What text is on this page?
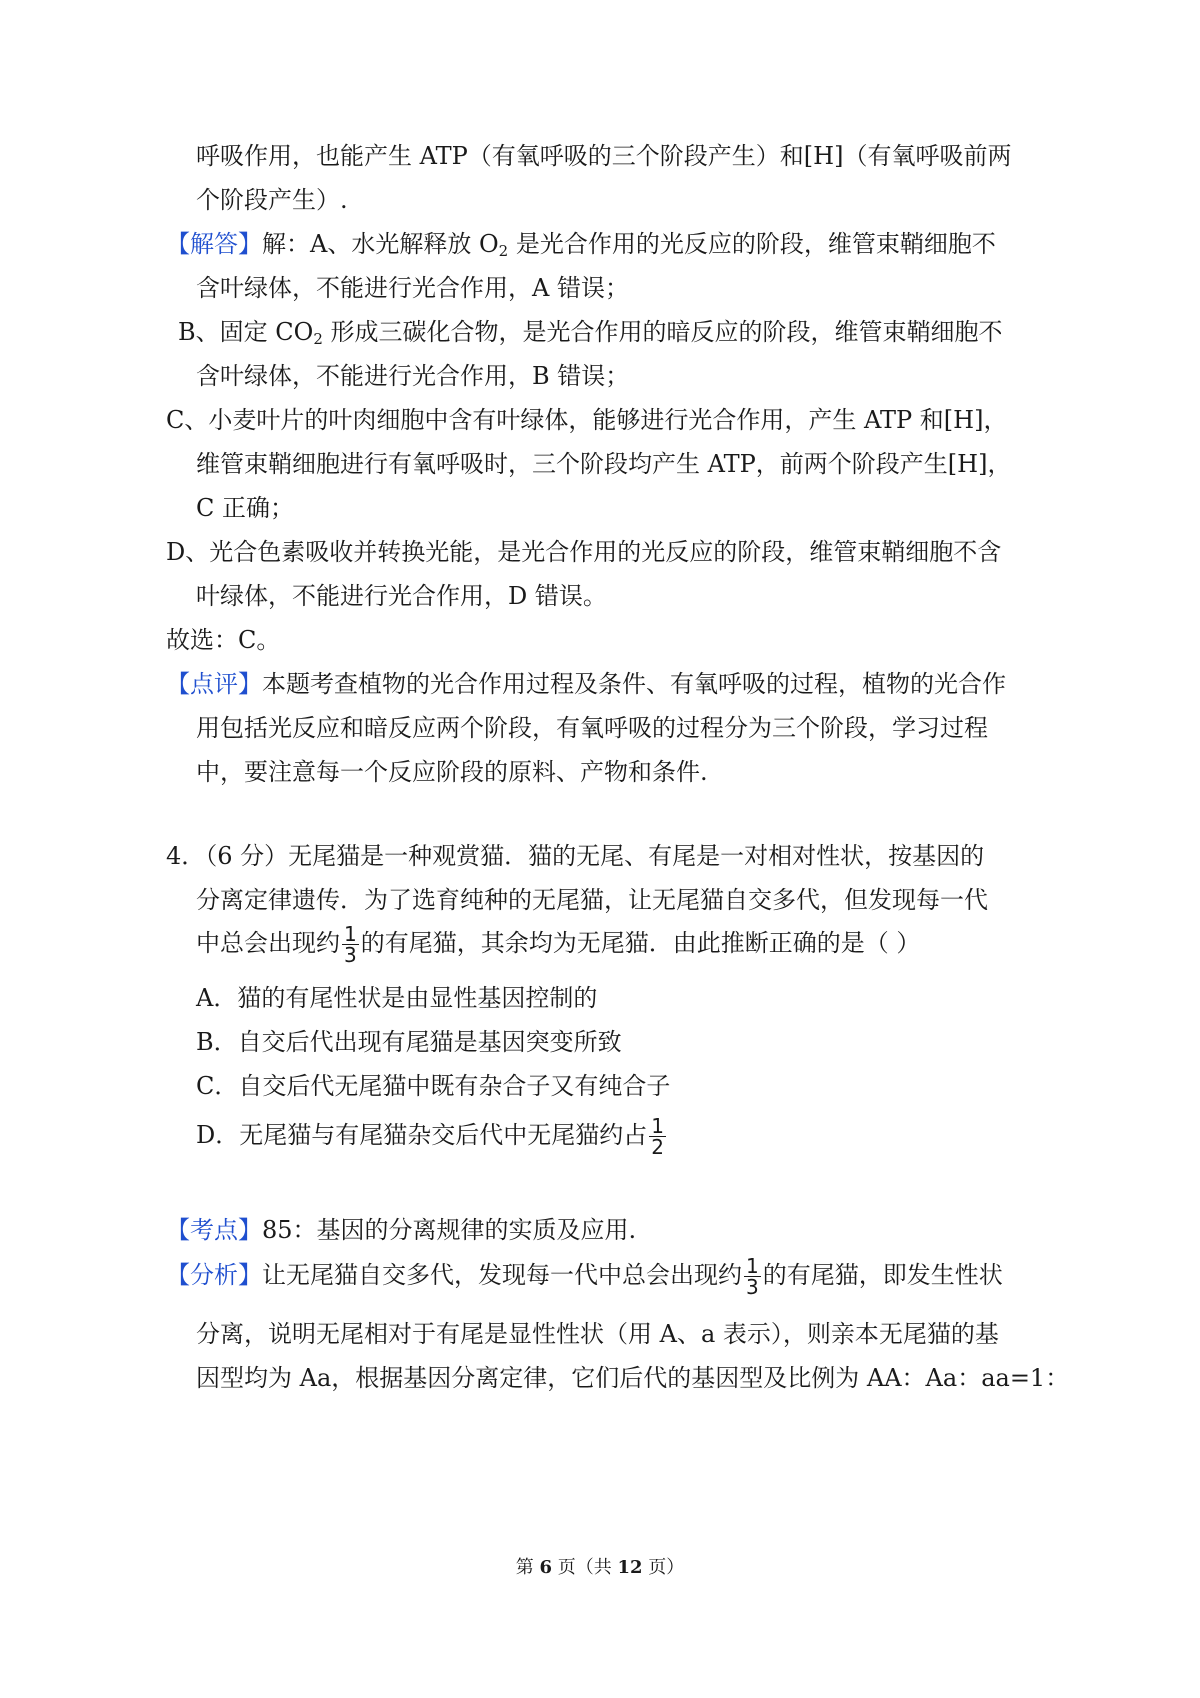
呼吸作用，也能产生 ATP（有氧呼吸的三个阶段产生）和[H]（有氧呼吸前两
个阶段产生）.
【解答】解：A、水光解释放 $O_2$ 是光合作用的光反应的阶段，维管束鞘细胞不
含叶绿体，不能进行光合作用，A 错误；
B、固定 $CO_2$ 形成三碳化合物，是光合作用的暗反应的阶段，维管束鞘细胞不
含叶绿体，不能进行光合作用，B 错误；
C、小麦叶片的叶肉细胞中含有叶绿体，能够进行光合作用，产生 ATP 和[H]，
维管束鞘细胞进行有氧呼吸时，三个阶段均产生 ATP，前两个阶段产生[H]，
C 正确；
D、光合色素吸收并转换光能，是光合作用的光反应的阶段，维管束鞘细胞不含
叶绿体，不能进行光合作用，D 错误。
故选：C。
【点评】本题考查植物的光合作用过程及条件、有氧呼吸的过程，植物的光合作
用包括光反应和暗反应两个阶段，有氧呼吸的过程分为三个阶段，学习过程
中，要注意每一个反应阶段的原料、产物和条件.
4．（6 分）无尾猫是一种观赏猫．猫的无尾、有尾是一对相对性状，按基因的
分离定律遗传．为了选育纯种的无尾猫，让无尾猫自交多代，但发现每一代
中总会出现约 $\frac{1}{3}$ 的有尾猫，其余均为无尾猫．由此推断正确的是（ ）
A．猫的有尾性状是由显性基因控制的
B．自交后代出现有尾猫是基因突变所致
C．自交后代无尾猫中既有杂合子又有纯合子
D．无尾猫与有尾猫杂交后代中无尾猫约占 $\frac{1}{2}$
【考点】85：基因的分离规律的实质及应用.
【分析】让无尾猫自交多代，发现每一代中总会出现约 $\frac{1}{3}$ 的有尾猫，即发生性状
分离，说明无尾相对于有尾是显性性状（用 A、a 表示），则亲本无尾猫的基
因型均为 Aa，根据基因分离定律，它们后代的基因型及比例为 AA：Aa：aa=1：
第 6 页（共 12 页）
